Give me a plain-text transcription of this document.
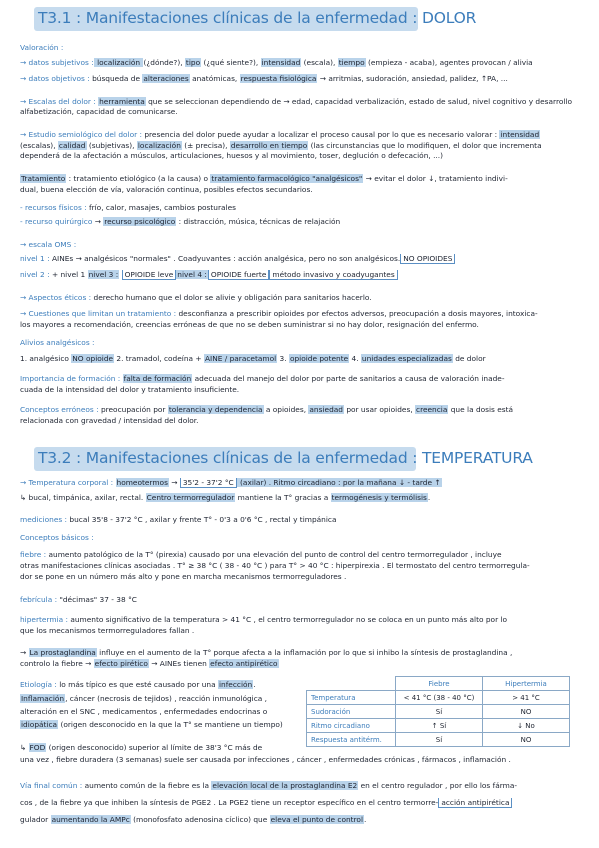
T3.1 : Manifestaciones clínicas de la enfermedad : DOLOR
T3.2 : Manifestaciones clínicas de la enfermedad : TEMPERATURA
Valoración :
→ datos subjetivos : localización (¿dónde?), tipo (¿qué siente?), intensidad (escala), tiempo (empieza - acaba), agentes provocan / alivia
→ datos objetivos : búsqueda de alteraciones anatómicas, respuesta fisiológica → arritmias, sudoración, ansiedad, palidez, ↑PA, ...
→ Escalas del dolor : herramienta que se seleccionan dependiendo de → edad, capacidad verbalización, estado de salud, nivel cognitivo y desarrollo
alfabetización, capacidad de comunicarse.
→ Estudio semiológico del dolor : presencia del dolor puede ayudar a localizar el proceso causal por lo que es necesario valorar : intensidad
(escalas), calidad (subjetivas), localización (± precisa), desarrollo en tiempo (las circunstancias que lo modifiquen, el dolor que incrementa
dependerá de la afectación a músculos, articulaciones, huesos y al movimiento, toser, deglución o defecación, ...)
Tratamiento : tratamiento etiológico (a la causa) o tratamiento farmacológico "analgésicos" → evitar el dolor ↓, tratamiento indivi-
dual, buena elección de vía, valoración continua, posibles efectos secundarios.
- recursos físicos : frío, calor, masajes, cambios posturales
- recurso quirúrgico → recurso psicológico : distracción, música, técnicas de relajación
→ escala OMS :
nivel 1 : AINEs → analgésicos "normales" . Coadyuvantes : acción analgésica, pero no son analgésicos. NO OPIOIDES
nivel 2 : + nivel 1 nivel 3 : OPIOIDE leve nivel 4 : OPIOIDE fuerte método invasivo y coadyugantes
→ Aspectos éticos : derecho humano que el dolor se alivie y obligación para sanitarios hacerlo.
→ Cuestiones que limitan un tratamiento : desconfianza a prescribir opioides por efectos adversos, preocupación a dosis mayores, intoxica-
los mayores a recomendación, creencias erróneas de que no se deben suministrar si no hay dolor, resignación del enfermo.
Alivios analgésicos :
1. analgésico NO opioide 2. tramadol, codeína + AINE / paracetamol 3. opioide potente 4. unidades especializadas de dolor
Importancia de formación : falta de formación adecuada del manejo del dolor por parte de sanitarios a causa de valoración inade-
cuada de la intensidad del dolor y tratamiento insuficiente.
Conceptos erróneos : preocupación por tolerancia y dependencia a opioides, ansiedad por usar opioides, creencia que la dosis está
relacionada con gravedad / intensidad del dolor.
→ Temperatura corporal : homeotermos → 35'2 - 37'2 °C (axilar) . Ritmo circadiano : por la mañana ↓ - tarde ↑
↳ bucal, timpánica, axilar, rectal. Centro termorregulador mantiene la T° gracias a termogénesis y termólisis.
mediciones : bucal 35'8 - 37'2 °C , axilar y frente T° - 0'3 a 0'6 °C , rectal y timpánica
Conceptos básicos :
fiebre : aumento patológico de la T° (pirexia) causado por una elevación del punto de control del centro termorregulador , incluye
otras manifestaciones clínicas asociadas . T° ≥ 38 °C ( 38 - 40 °C ) para T° > 40 °C : hiperpirexia . El termostato del centro termorregula-
dor se pone en un número más alto y pone en marcha mecanismos termorreguladores .
febrícula : "décimas" 37 - 38 °C
hipertermia : aumento significativo de la temperatura > 41 °C , el centro termorregulador no se coloca en un punto más alto por lo
que los mecanismos termorreguladores fallan .
→ La prostaglandina influye en el aumento de la T° porque afecta a la inflamación por lo que si inhibo la síntesis de prostaglandina ,
controlo la fiebre → efecto pirético → AINEs tienen efecto antipirético
Etiología : lo más típico es que esté causado por una infección.
Inflamación, cáncer (necrosis de tejidos) , reacción inmunológica ,
alteración en el SNC , medicamentos , enfermedades endocrinas o
idiopática (origen desconocido en la que la T° se mantiene un tiempo)
↳ FOD (origen desconocido) superior al límite de 38'3 °C más de
una vez , fiebre duradera (3 semanas) suele ser causada por infecciones , cáncer , enfermedades crónicas , fármacos , inflamación .
Vía final común : aumento común de la fiebre es la elevación local de la prostaglandina E2 en el centro regulador , por ello los fárma-
cos , de la fiebre ya que inhiben la síntesis de PGE2 . La PGE2 tiene un receptor específico en el centro termorre- acción antipirética
gulador aumentando la AMPc (monofosfato adenosina cíclico) que eleva el punto de control.
	Fiebre	Hipertermia
Temperatura	< 41 °C (38 - 40 °C)	> 41 °C
Sudoración	Sí	NO
Ritmo circadiano	↑ Sí	↓ No
Respuesta antitérm.	Sí	NO
